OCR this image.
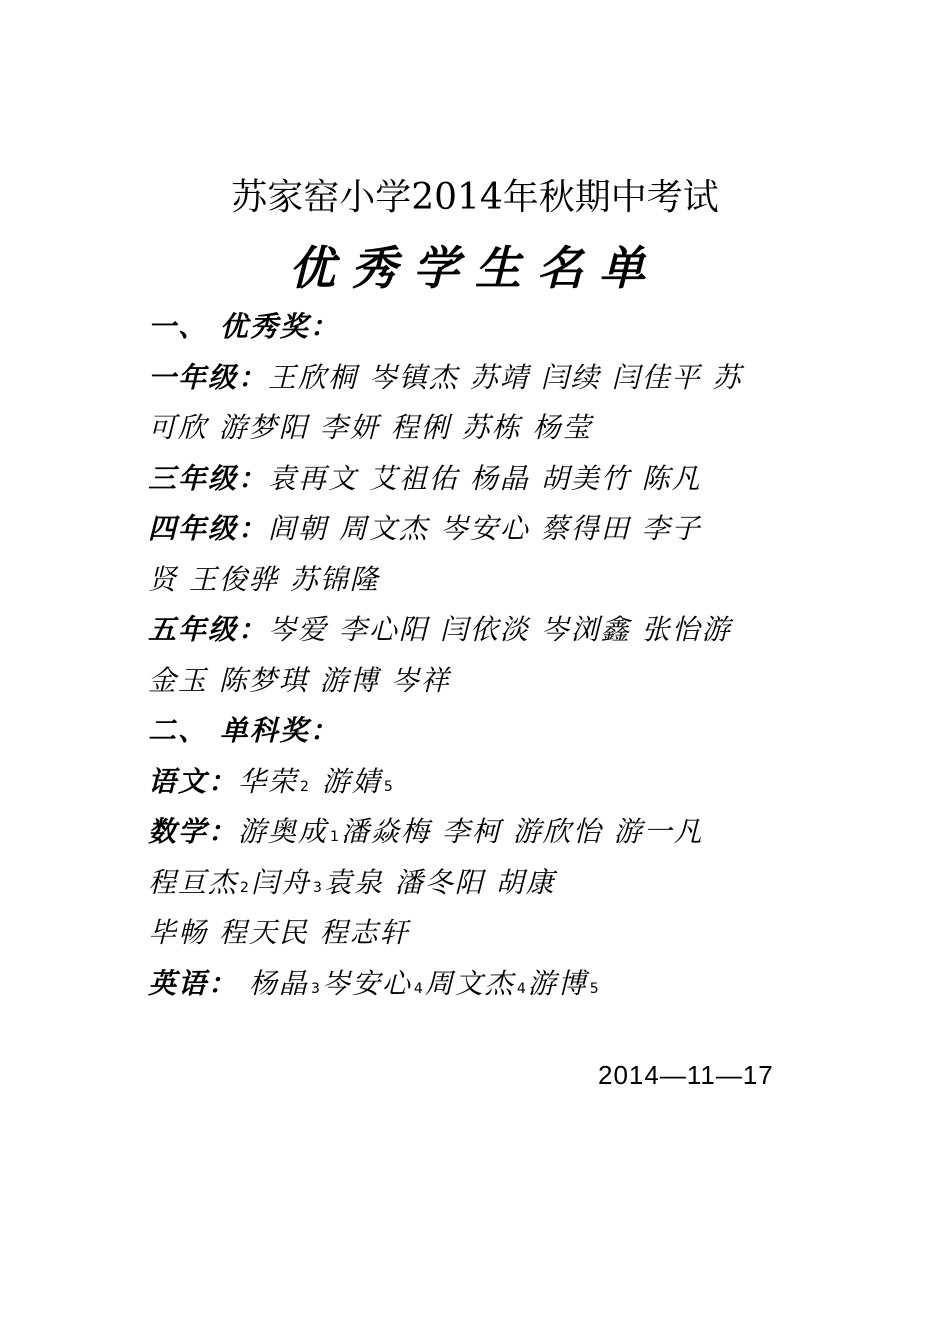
苏家窑小学2014年秋期中考试
优秀学生名单
一、 优秀奖：
一年级：王欣桐 岑镇杰 苏靖 闫续 闫佳平 苏
可欣 游梦阳 李妍 程俐 苏栋 杨莹
三年级：袁再文 艾祖佑 杨晶 胡美竹 陈凡
四年级：闾朝 周文杰 岑安心 蔡得田 李子
贤 王俊骅 苏锦隆
五年级：岑爱 李心阳 闫依淡 岑浏鑫 张怡游
金玉 陈梦琪 游博 岑祥
二、 单科奖：
语文：华荣 2 游婧 5
数学：游奥成 1潘焱梅 李柯 游欣怡 游一凡
程亘杰 2闫舟 3袁泉 潘冬阳 胡康
毕畅 程天民 程志轩
英语： 杨晶 3岑安心 4周文杰 4游博 5
2014—11—17
